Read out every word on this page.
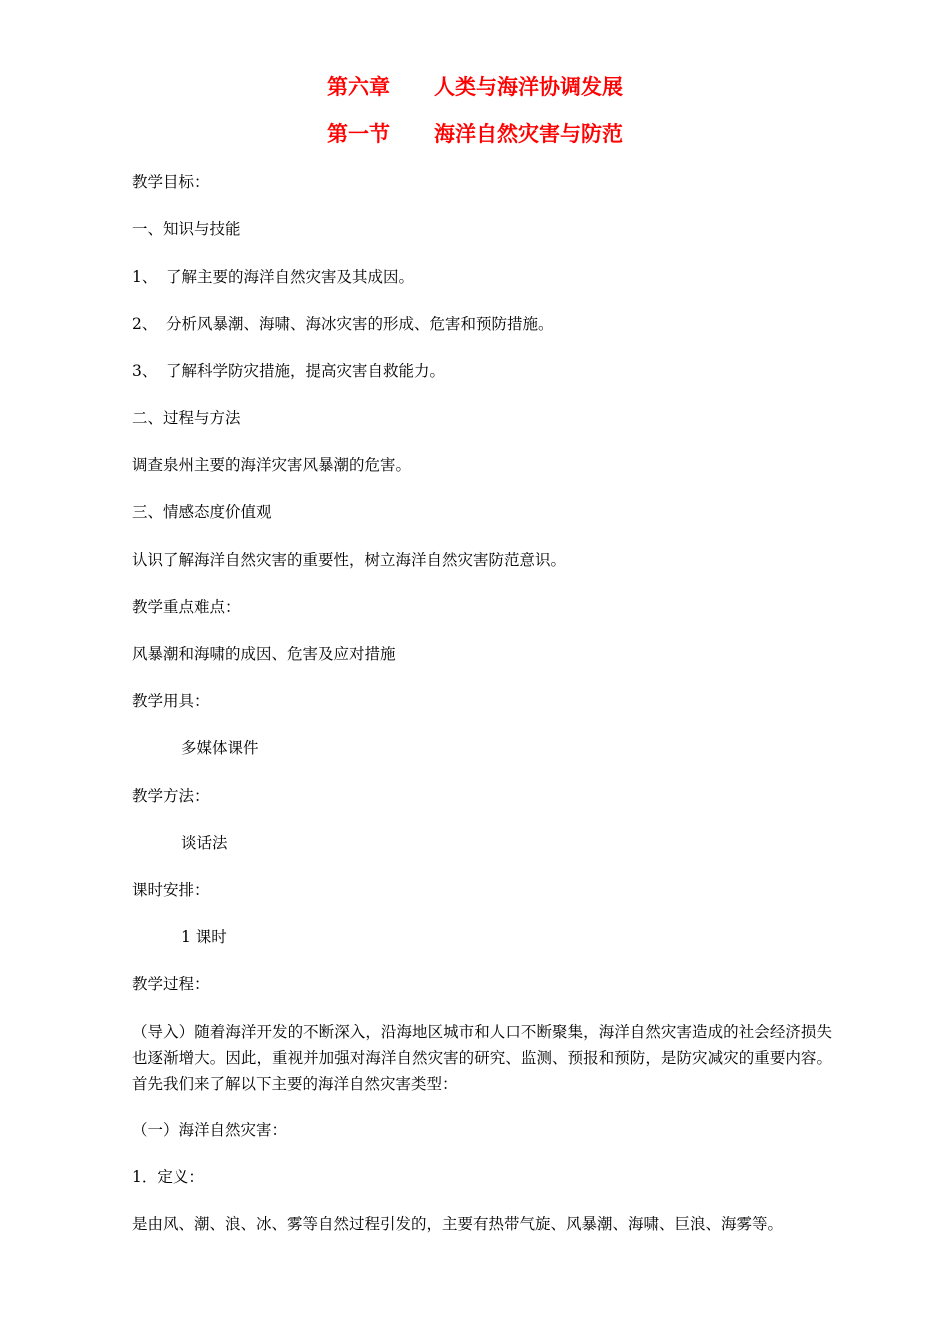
第六章 人类与海洋协调发展
第一节 海洋自然灾害与防范
教学目标：
一、知识与技能
1、 了解主要的海洋自然灾害及其成因。
2、 分析风暴潮、海啸、海冰灾害的形成、危害和预防措施。
3、 了解科学防灾措施，提高灾害自救能力。
二、过程与方法
调查泉州主要的海洋灾害风暴潮的危害。
三、情感态度价值观
认识了解海洋自然灾害的重要性，树立海洋自然灾害防范意识。
教学重点难点：
风暴潮和海啸的成因、危害及应对措施
教学用具：
多媒体课件
教学方法：
谈话法
课时安排：
1 课时
教学过程：
（导入）随着海洋开发的不断深入，沿海地区城市和人口不断聚集，海洋自然灾害造成的社会经济损失也逐渐增大。因此，重视并加强对海洋自然灾害的研究、监测、预报和预防，是防灾减灾的重要内容。首先我们来了解以下主要的海洋自然灾害类型：
（一）海洋自然灾害：
1．定义：
是由风、潮、浪、冰、雾等自然过程引发的，主要有热带气旋、风暴潮、海啸、巨浪、海雾等。
